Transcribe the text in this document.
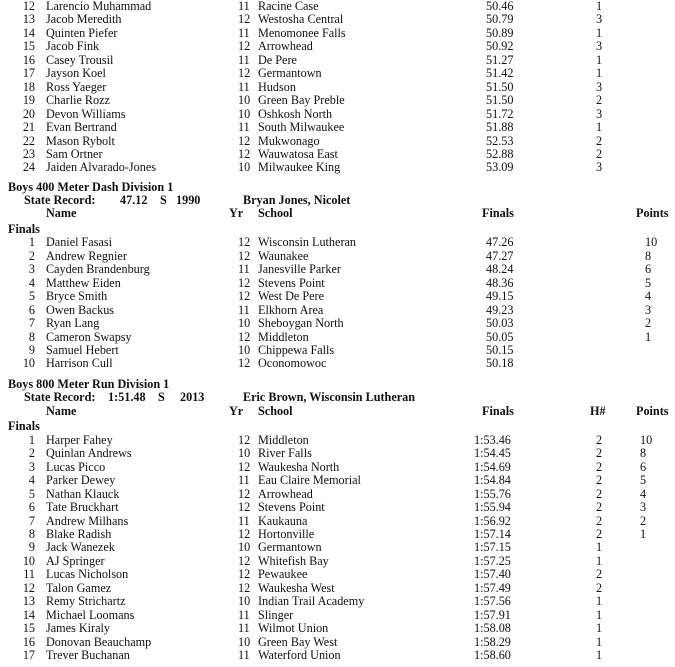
12 Larencio Muhammad	11 Racine Case	50.46	1
13 Jacob Meredith	12 Westosha Central	50.79	3
14 Quinten Piefer	11 Menomonee Falls	50.89	1
15 Jacob Fink	12 Arrowhead	50.92	3
16 Casey Trousil	11 De Pere	51.27	1
17 Jayson Koel	12 Germantown	51.42	1
18 Ross Yaeger	11 Hudson	51.50	3
19 Charlie Rozz	10 Green Bay Preble	51.50	2
20 Devon Williams	10 Oshkosh North	51.72	3
21 Evan Bertrand	11 South Milwaukee	51.88	1
22 Mason Rybolt	12 Mukwonago	52.53	2
23 Sam Ortner	12 Wauwatosa East	52.88	2
24 Jaiden Alvarado-Jones	10 Milwaukee King	53.09	3
Boys 400 Meter Dash Division 1
State Record: 47.12 S 1990	Bryan Jones, Nicolet
Name	Yr School	Finals	Points
Finals
1 Daniel Fasasi	12 Wisconsin Lutheran	47.26	10
2 Andrew Regnier	12 Waunakee	47.27	8
3 Cayden Brandenburg	11 Janesville Parker	48.24	6
4 Matthew Eiden	12 Stevens Point	48.36	5
5 Bryce Smith	12 West De Pere	49.15	4
6 Owen Backus	11 Elkhorn Area	49.23	3
7 Ryan Lang	10 Sheboygan North	50.03	2
8 Cameron Swapsy	12 Middleton	50.05	1
9 Samuel Hebert	10 Chippewa Falls	50.15
10 Harrison Cull	12 Oconomowoc	50.18
Boys 800 Meter Run Division 1
State Record: 1:51.48 S 2013	Eric Brown, Wisconsin Lutheran
Name	Yr School	Finals	H# Points
Finals
1 Harper Fahey	12 Middleton	1:53.46	2	10
2 Quinlan Andrews	10 River Falls	1:54.45	2	8
3 Lucas Picco	12 Waukesha North	1:54.69	2	6
4 Parker Dewey	11 Eau Claire Memorial	1:54.84	2	5
5 Nathan Klauck	12 Arrowhead	1:55.76	2	4
6 Tate Bruckhart	12 Stevens Point	1:55.94	2	3
7 Andrew Milhans	11 Kaukauna	1:56.92	2	2
8 Blake Radish	12 Hortonville	1:57.14	2	1
9 Jack Wanezek	10 Germantown	1:57.15	1
10 AJ Springer	12 Whitefish Bay	1:57.25	1
11 Lucas Nicholson	12 Pewaukee	1:57.40	2
12 Talon Gamez	12 Waukesha West	1:57.49	2
13 Remy Strichartz	10 Indian Trail Academy	1:57.56	1
14 Michael Loomans	11 Slinger	1:57.91	1
15 James Kiraly	11 Wilmot Union	1:58.08	1
16 Donovan Beauchamp	10 Green Bay West	1:58.29	1
17 Trever Buchanan	11 Waterford Union	1:58.60	1
